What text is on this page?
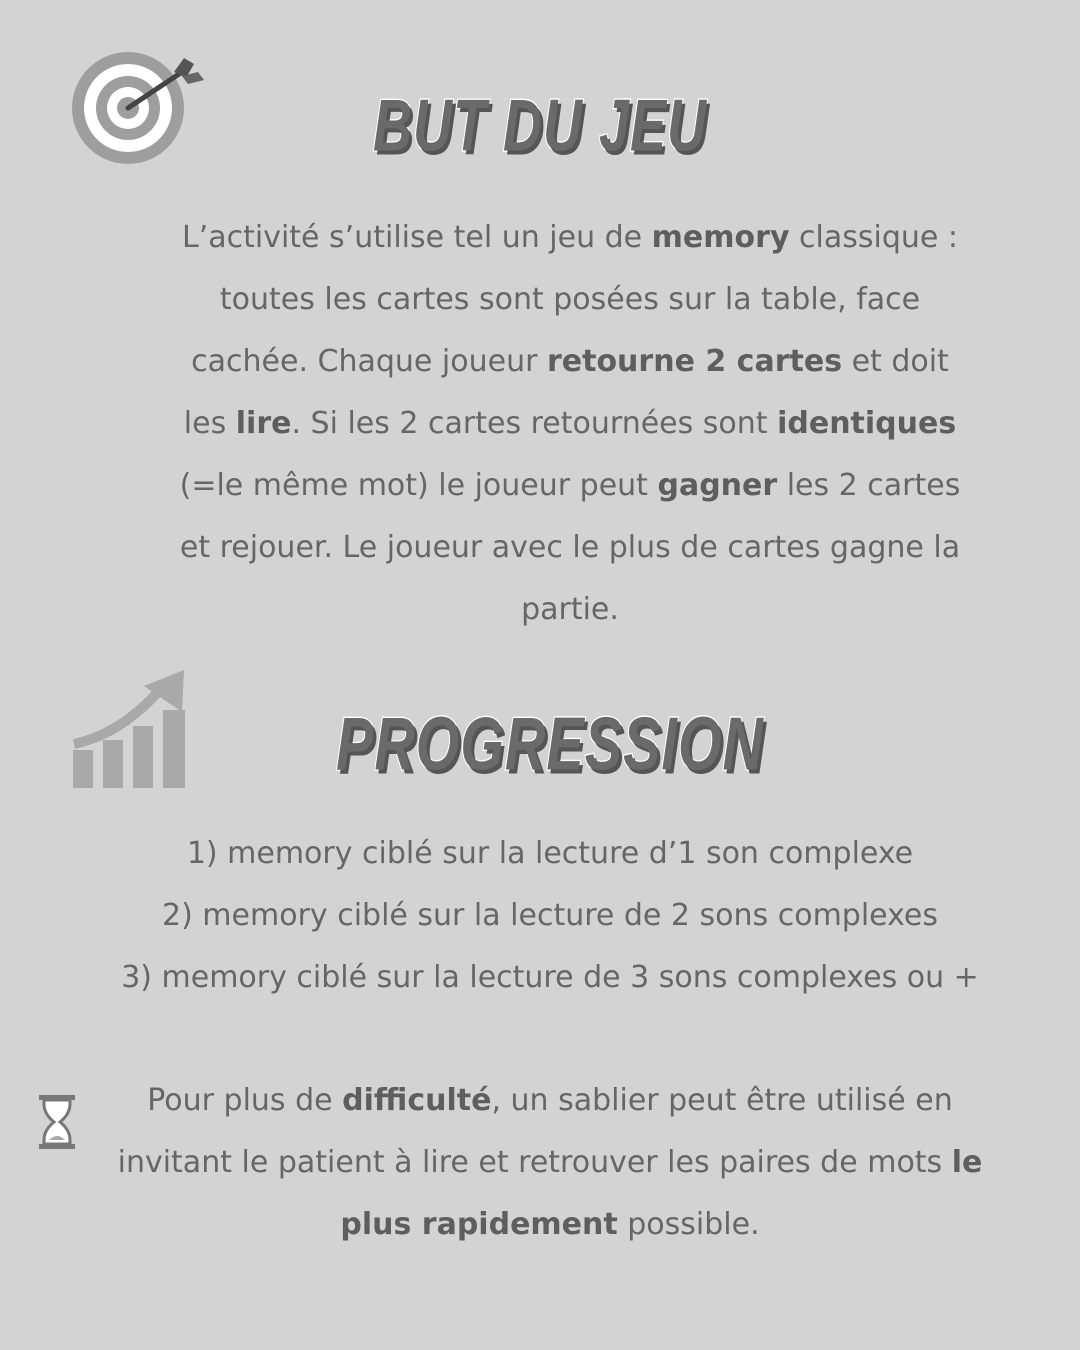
BUT DU JEU
L’activité s’utilise tel un jeu de memory classique :
toutes les cartes sont posées sur la table, face
cachée. Chaque joueur retourne 2 cartes et doit
les lire. Si les 2 cartes retournées sont identiques
(=le même mot) le joueur peut gagner les 2 cartes
et rejouer. Le joueur avec le plus de cartes gagne la
partie.
PROGRESSION
1) memory ciblé sur la lecture d’1 son complexe
2) memory ciblé sur la lecture de 2 sons complexes
3) memory ciblé sur la lecture de 3 sons complexes ou +
Pour plus de difficulté, un sablier peut être utilisé en
invitant le patient à lire et retrouver les paires de mots le
plus rapidement possible.
